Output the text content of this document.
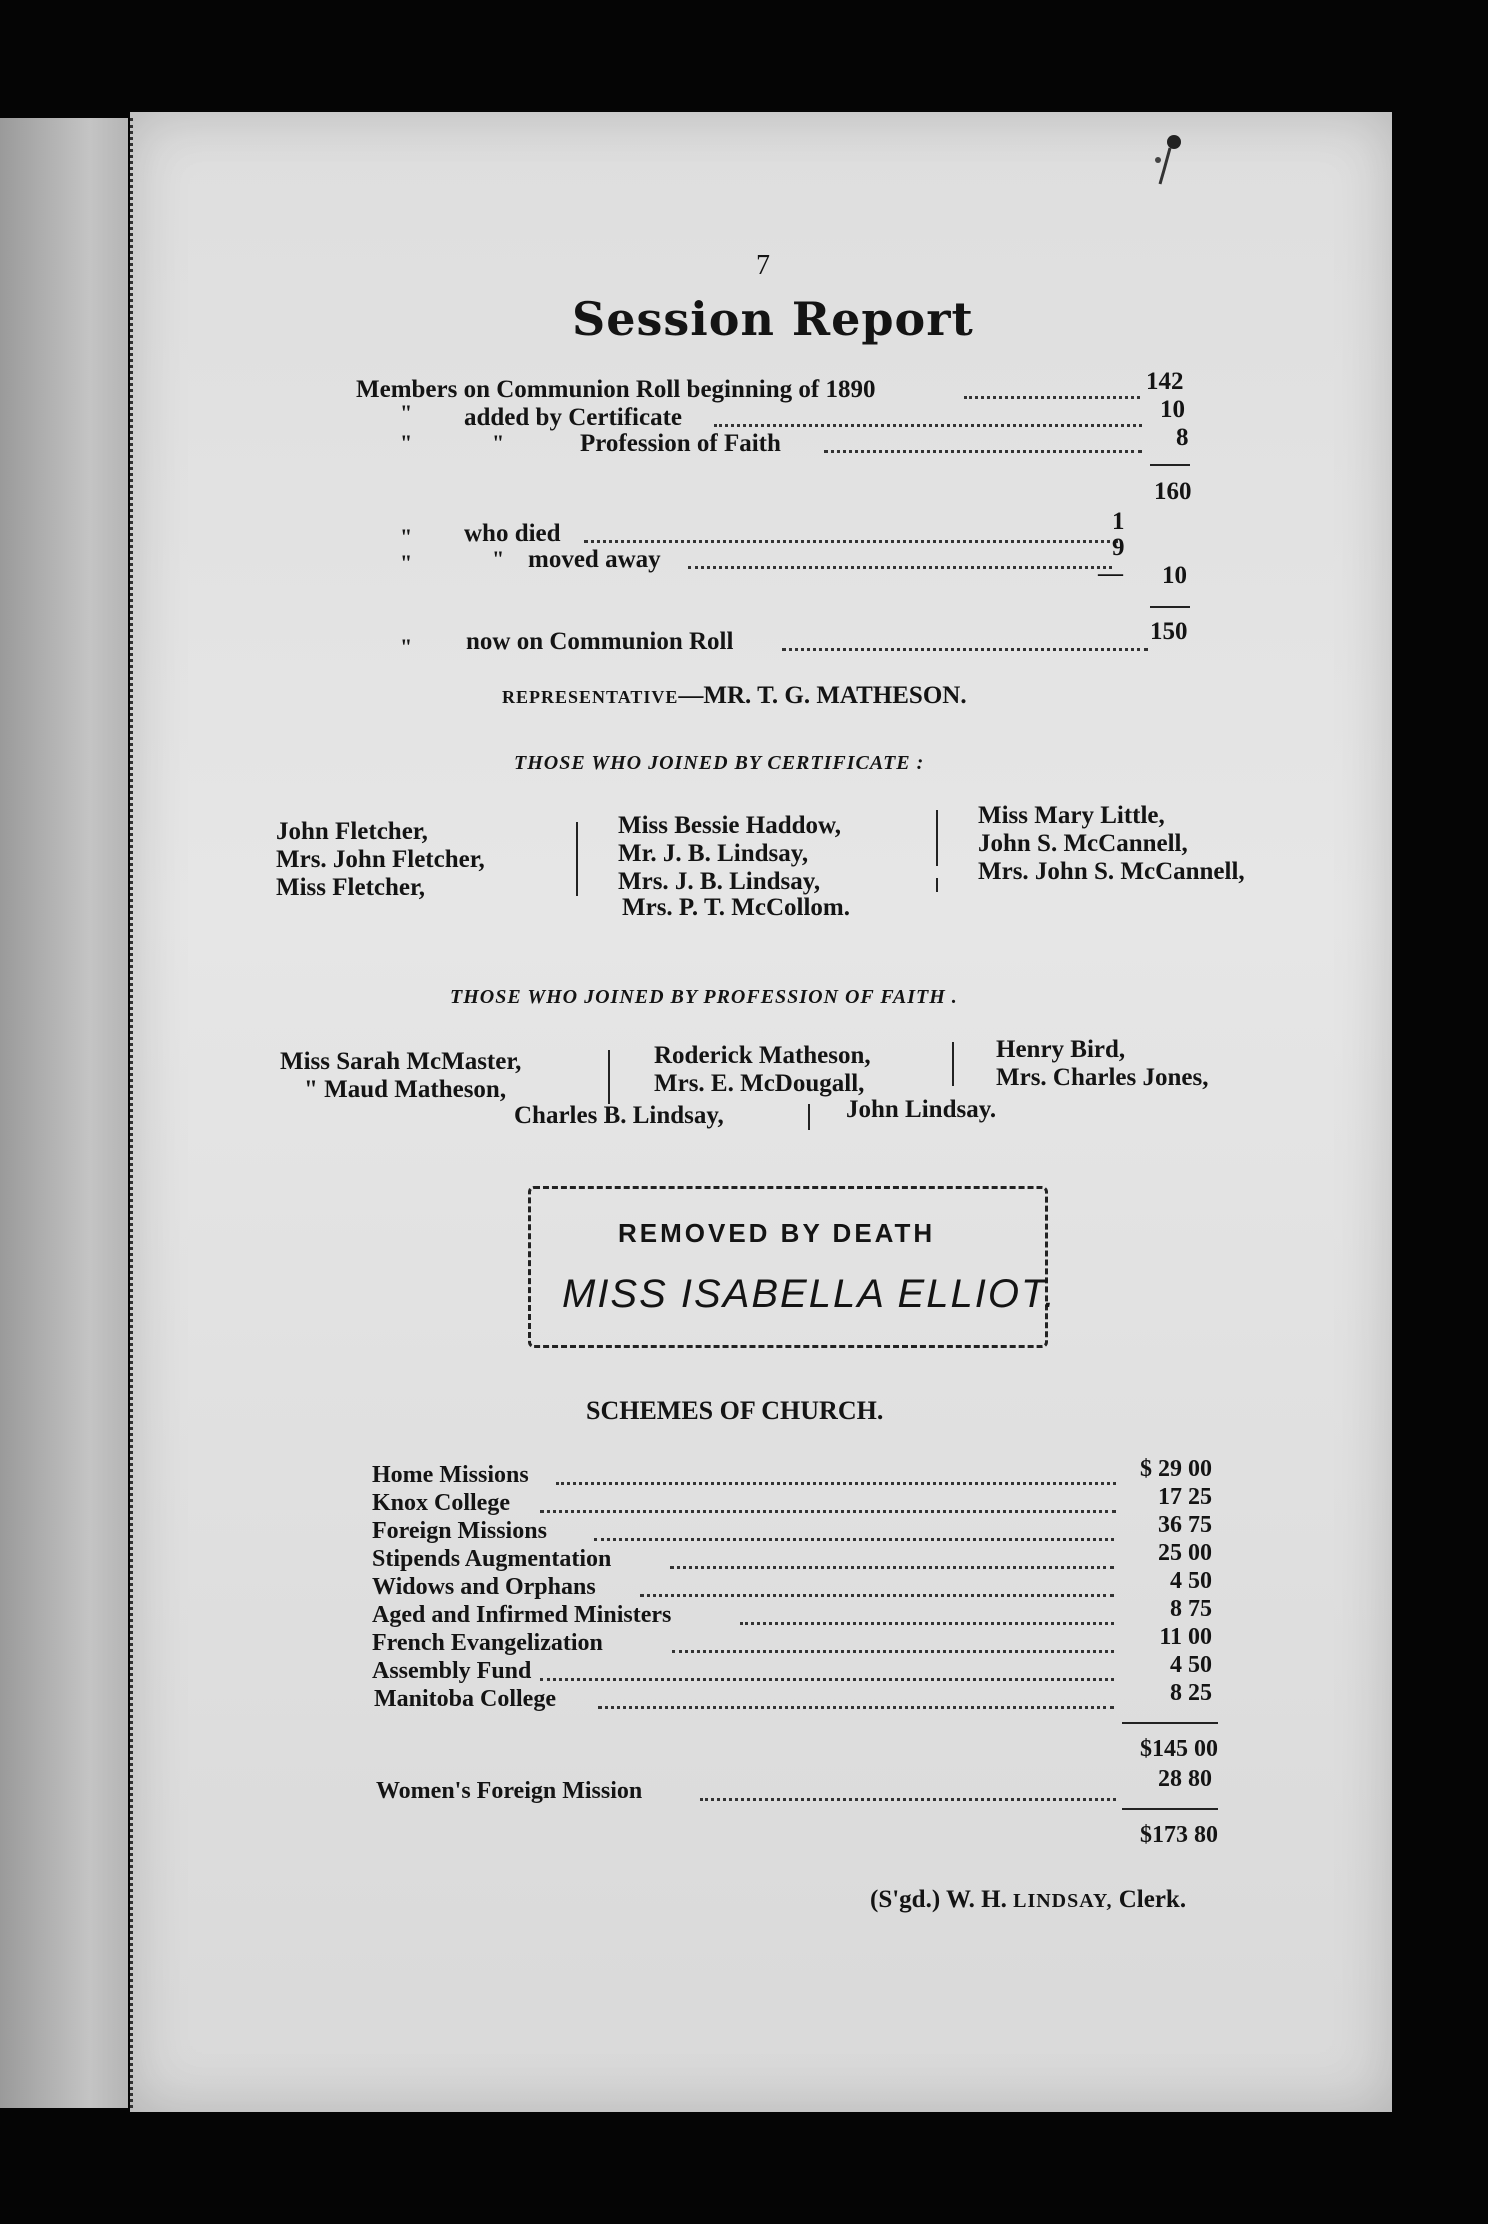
7
Session Report
Members on Communion Roll beginning of 1890	142
" added by Certificate	10
"	"	Profession of Faith	8
160
" who died	1
"	" moved away	9
— 10
" now on Communion Roll	150
REPRESENTATIVE—MR. T. G. MATHESON.
THOSE WHO JOINED BY CERTIFICATE :
John Fletcher,
Mrs. John Fletcher,
Miss Fletcher,
Miss Bessie Haddow,
Mr. J. B. Lindsay,
Mrs. J. B. Lindsay,
Mrs. P. T. McCollom.
Miss Mary Little,
John S. McCannell,
Mrs. John S. McCannell,
THOSE WHO JOINED BY PROFESSION OF FAITH .
Miss Sarah McMaster,
" Maud Matheson,
Roderick Matheson,
Mrs. E. McDougall,
Henry Bird,
Mrs. Charles Jones,
Charles B. Lindsay,	John Lindsay.
REMOVED BY DEATH
MISS ISABELLA ELLIOT.
SCHEMES OF CHURCH.
Home Missions	$ 29 00
Knox College	17 25
Foreign Missions	36 75
Stipends Augmentation	25 00
Widows and Orphans	4 50
Aged and Infirmed Ministers	8 75
French Evangelization	11 00
Assembly Fund	4 50
Manitoba College	8 25
$145 00
Women's Foreign Mission	28 80
$173 80
(S'gd.) W. H. LINDSAY, Clerk.
